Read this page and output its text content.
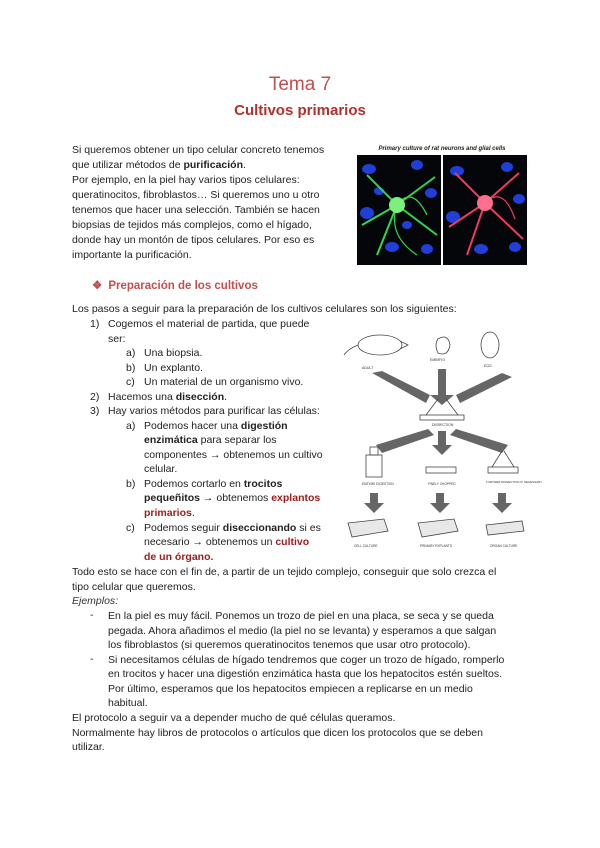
Tema 7
Cultivos primarios
Si queremos obtener un tipo celular concreto tenemos
que utilizar métodos de purificación.
Por ejemplo, en la piel hay varios tipos celulares:
queratinocitos, fibroblastos… Si queremos uno u otro
tenemos que hacer una selección. También se hacen
biopsias de tejidos más complejos, como el hígado,
donde hay un montón de tipos celulares. Por eso es
importante la purificación.
Primary culture of rat neurons and glial cells
❖ Preparación de los cultivos
Los pasos a seguir para la preparación de los cultivos celulares son los siguientes:
1) Cogemos el material de partida, que puede
ser:
a) Una biopsia.
b) Un explanto.
c) Un material de un organismo vivo.
2) Hacemos una disección.
3) Hay varios métodos para purificar las células:
a) Podemos hacer una digestión
enzimática para separar los
componentes → obtenemos un cultivo
celular.
b) Podemos cortarlo en trocitos
pequeñitos → obtenemos explantos
primarios.
c) Podemos seguir diseccionando si es
necesario → obtenemos un cultivo
de un órgano.
ADULT
EMBRYO
EGG
DISSECTION
ENZYME DIGESTION	FINELY CHOPPED	FURTHER DISSECTION IF NECESSARY
CELL CULTURE	PRIMARY EXPLANTS	ORGAN CULTURE
Todo esto se hace con el fin de, a partir de un tejido complejo, conseguir que solo crezca el
tipo celular que queremos.
Ejemplos:
- En la piel es muy fácil. Ponemos un trozo de piel en una placa, se seca y se queda
pegada. Ahora añadimos el medio (la piel no se levanta) y esperamos a que salgan
los fibroblastos (si queremos queratinocitos tenemos que usar otro protocolo).
- Si necesitamos células de hígado tendremos que coger un trozo de hígado, romperlo
en trocitos y hacer una digestión enzimática hasta que los hepatocitos estén sueltos.
Por último, esperamos que los hepatocitos empiecen a replicarse en un medio
habitual.
El protocolo a seguir va a depender mucho de qué células queramos.
Normalmente hay libros de protocolos o artículos que dicen los protocolos que se deben
utilizar.
